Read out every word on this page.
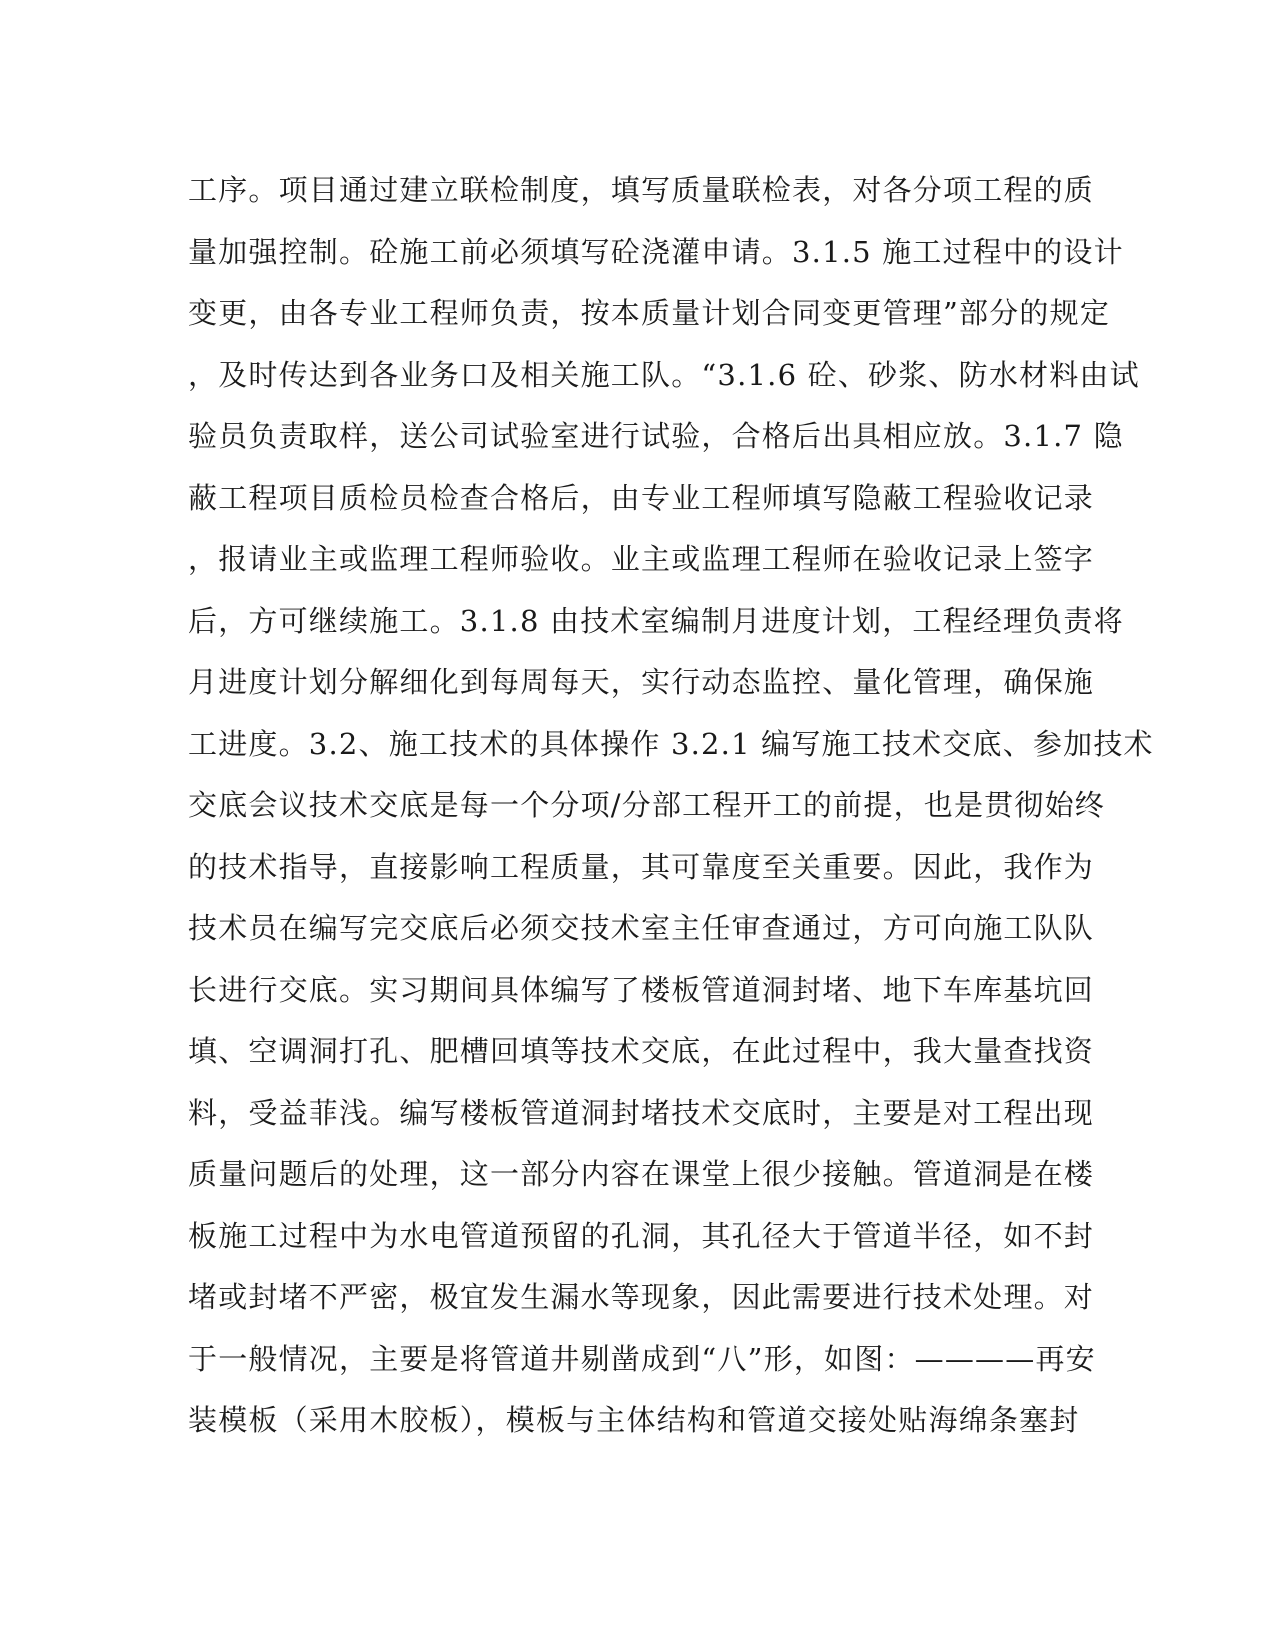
工序。项目通过建立联检制度，填写质量联检表，对各分项工程的质
量加强控制。砼施工前必须填写砼浇灌申请。3.1.5 施工过程中的设计
变更，由各专业工程师负责，按本质量计划合同变更管理”部分的规定
，及时传达到各业务口及相关施工队。“3.1.6 砼、砂浆、防水材料由试
验员负责取样，送公司试验室进行试验，合格后出具相应放。3.1.7 隐
蔽工程项目质检员检查合格后，由专业工程师填写隐蔽工程验收记录
，报请业主或监理工程师验收。业主或监理工程师在验收记录上签字
后，方可继续施工。3.1.8 由技术室编制月进度计划，工程经理负责将
月进度计划分解细化到每周每天，实行动态监控、量化管理，确保施
工进度。3.2、施工技术的具体操作 3.2.1 编写施工技术交底、参加技术
交底会议技术交底是每一个分项/分部工程开工的前提，也是贯彻始终
的技术指导，直接影响工程质量，其可靠度至关重要。因此，我作为
技术员在编写完交底后必须交技术室主任审查通过，方可向施工队队
长进行交底。实习期间具体编写了楼板管道洞封堵、地下车库基坑回
填、空调洞打孔、肥槽回填等技术交底，在此过程中，我大量查找资
料，受益菲浅。编写楼板管道洞封堵技术交底时，主要是对工程出现
质量问题后的处理，这一部分内容在课堂上很少接触。管道洞是在楼
板施工过程中为水电管道预留的孔洞，其孔径大于管道半径，如不封
堵或封堵不严密，极宜发生漏水等现象，因此需要进行技术处理。对
于一般情况，主要是将管道井剔凿成到“八”形，如图：————再安
装模板（采用木胶板），模板与主体结构和管道交接处贴海绵条塞封
